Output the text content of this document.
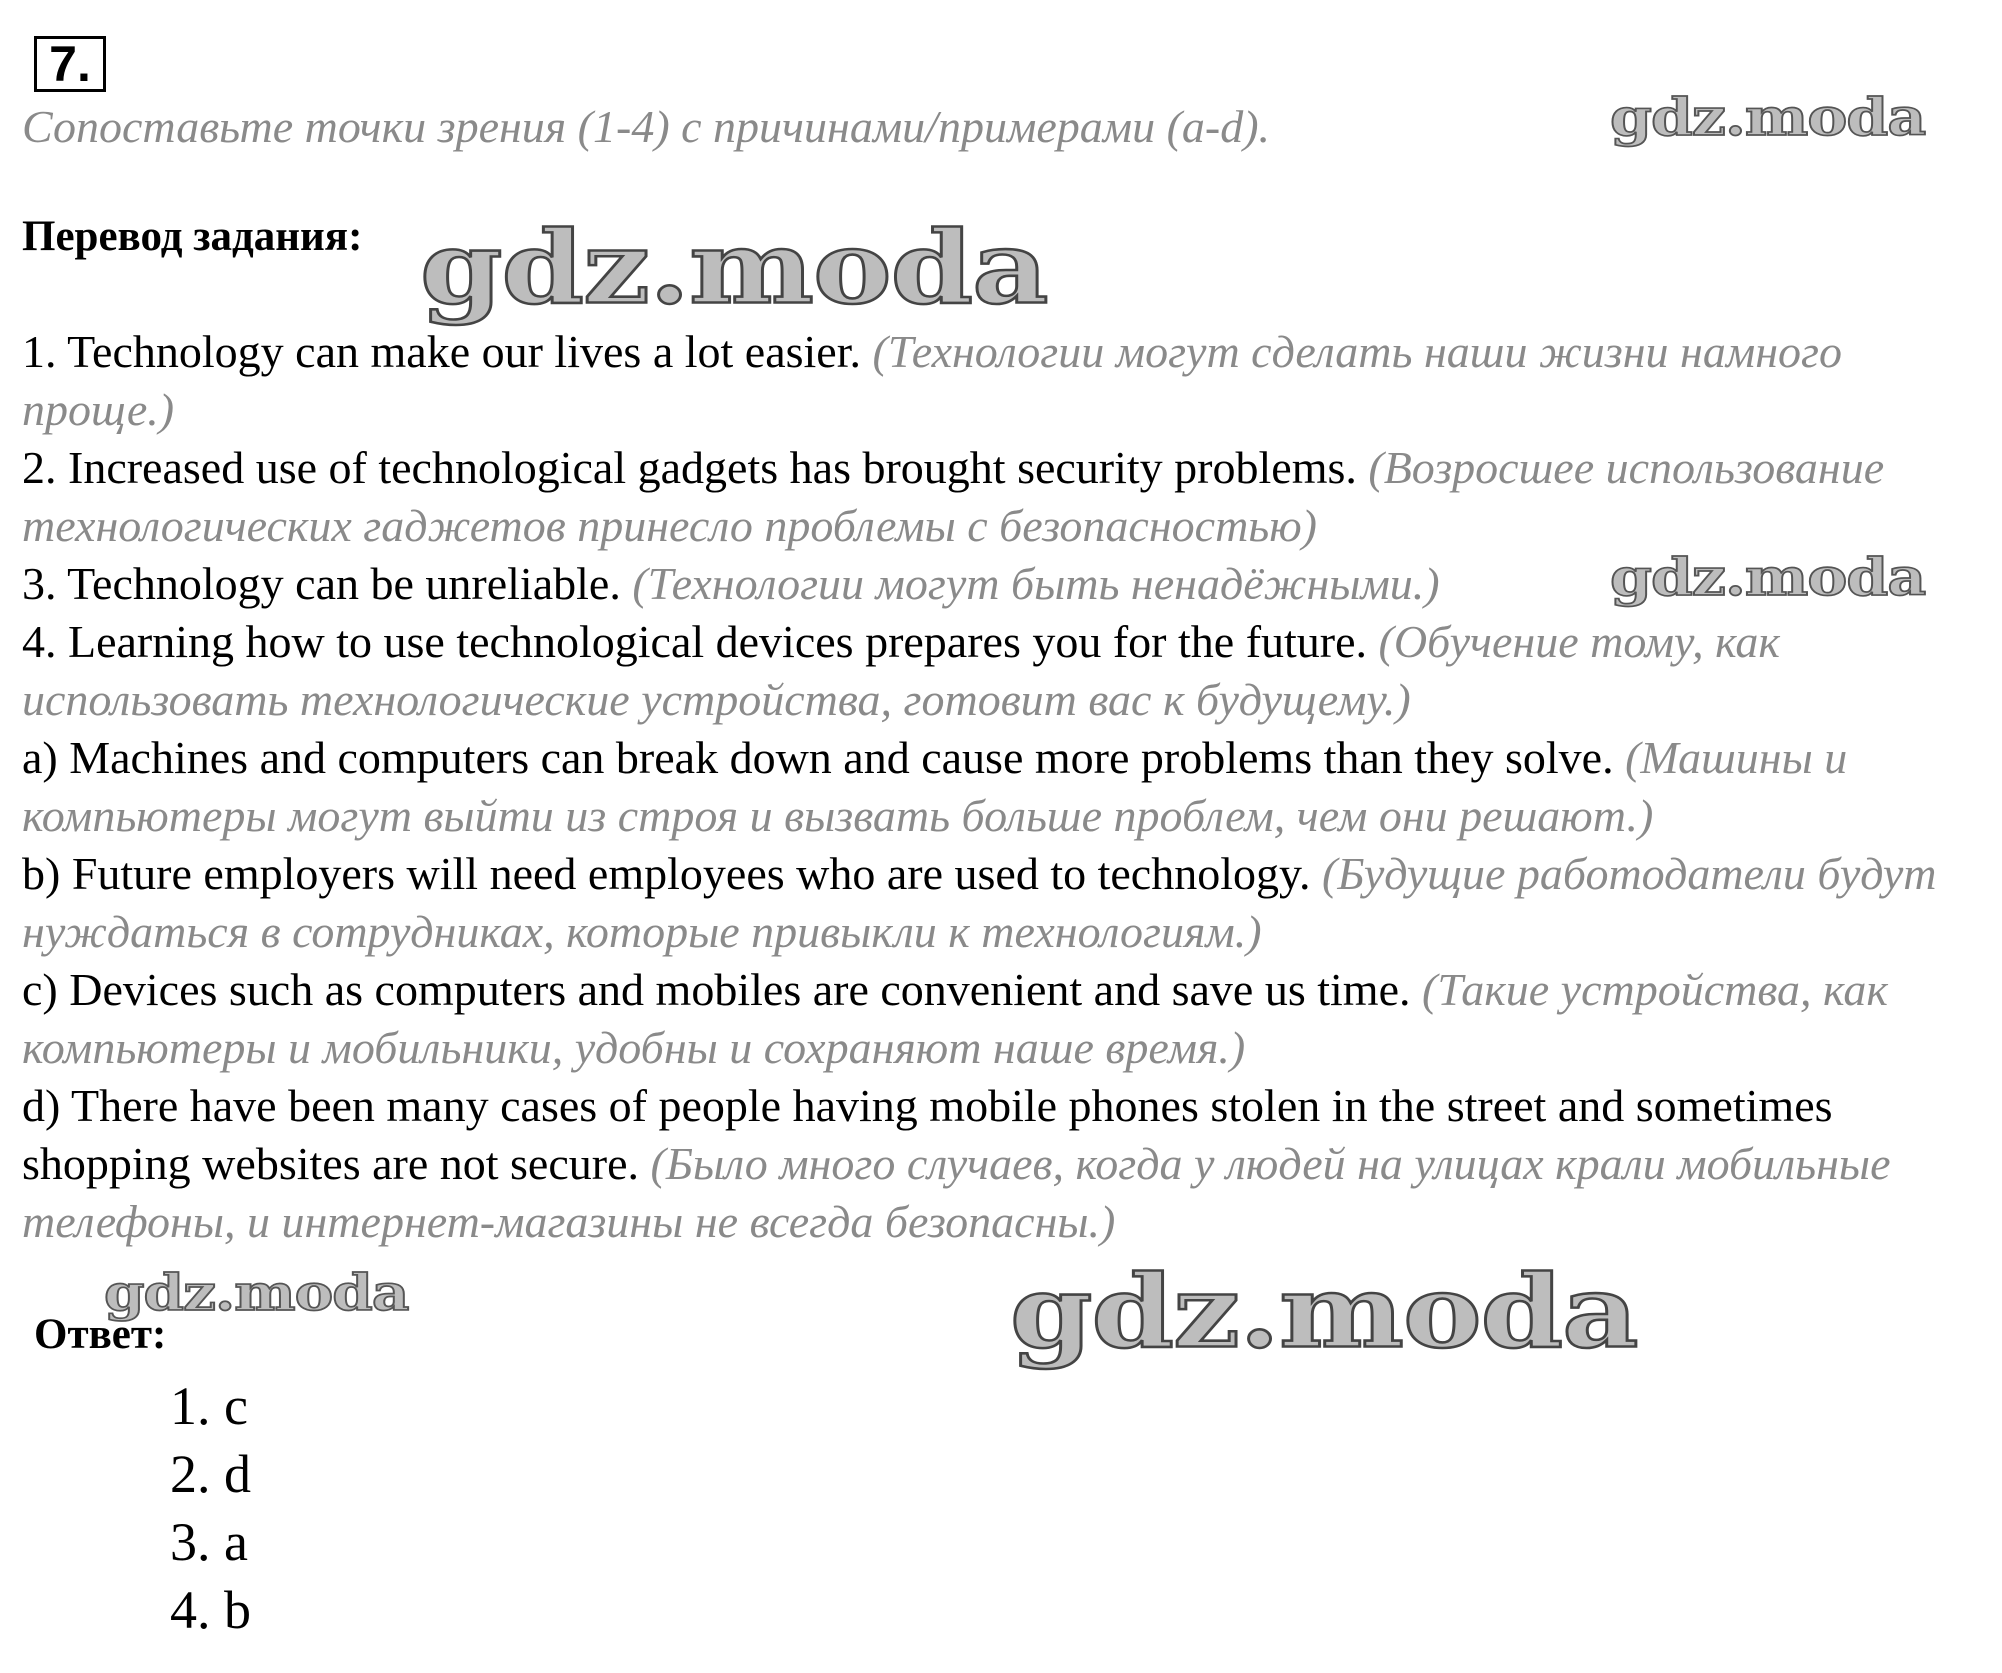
7.
gdz.moda
Сопоставьте точки зрения (1-4) с причинами/примерами (a-d).
Перевод задания: gdz.moda

1. Technology can make our lives a lot easier. (Технологии могут сделать наши жизни намного проще.)

2. Increased use of technological gadgets has brought security problems. (Возросшее использование технологических гаджетов принесло проблемы с безопасностью)

3. Technology can be unreliable. (Технологии могут быть ненадёжными.)

4. Learning how to use technological devices prepares you for the future. (Обучение тому, как использовать технологические устройства, готовит вас к будущему.)

a) Machines and computers can break down and cause more problems than they solve. (Машины и компьютеры могут выйти из строя и вызвать больше проблем, чем они решают.)

b) Future employers will need employees who are used to technology. (Будущие работодатели будут нуждаться в сотрудниках, которые привыкли к технологиям.)

c) Devices such as computers and mobiles are convenient and save us time. (Такие устройства, как компьютеры и мобильники, удобны и сохраняют наше время.)

d) There have been many cases of people having mobile phones stolen in the street and sometimes shopping websites are not secure. (Было много случаев, когда у людей на улицах крали мобильные телефоны, и интернет-магазины не всегда безопасны.)

gdz.moda
gdz.moda
Ответ:	gdz.moda
1. c
2. d
3. a
4. b
